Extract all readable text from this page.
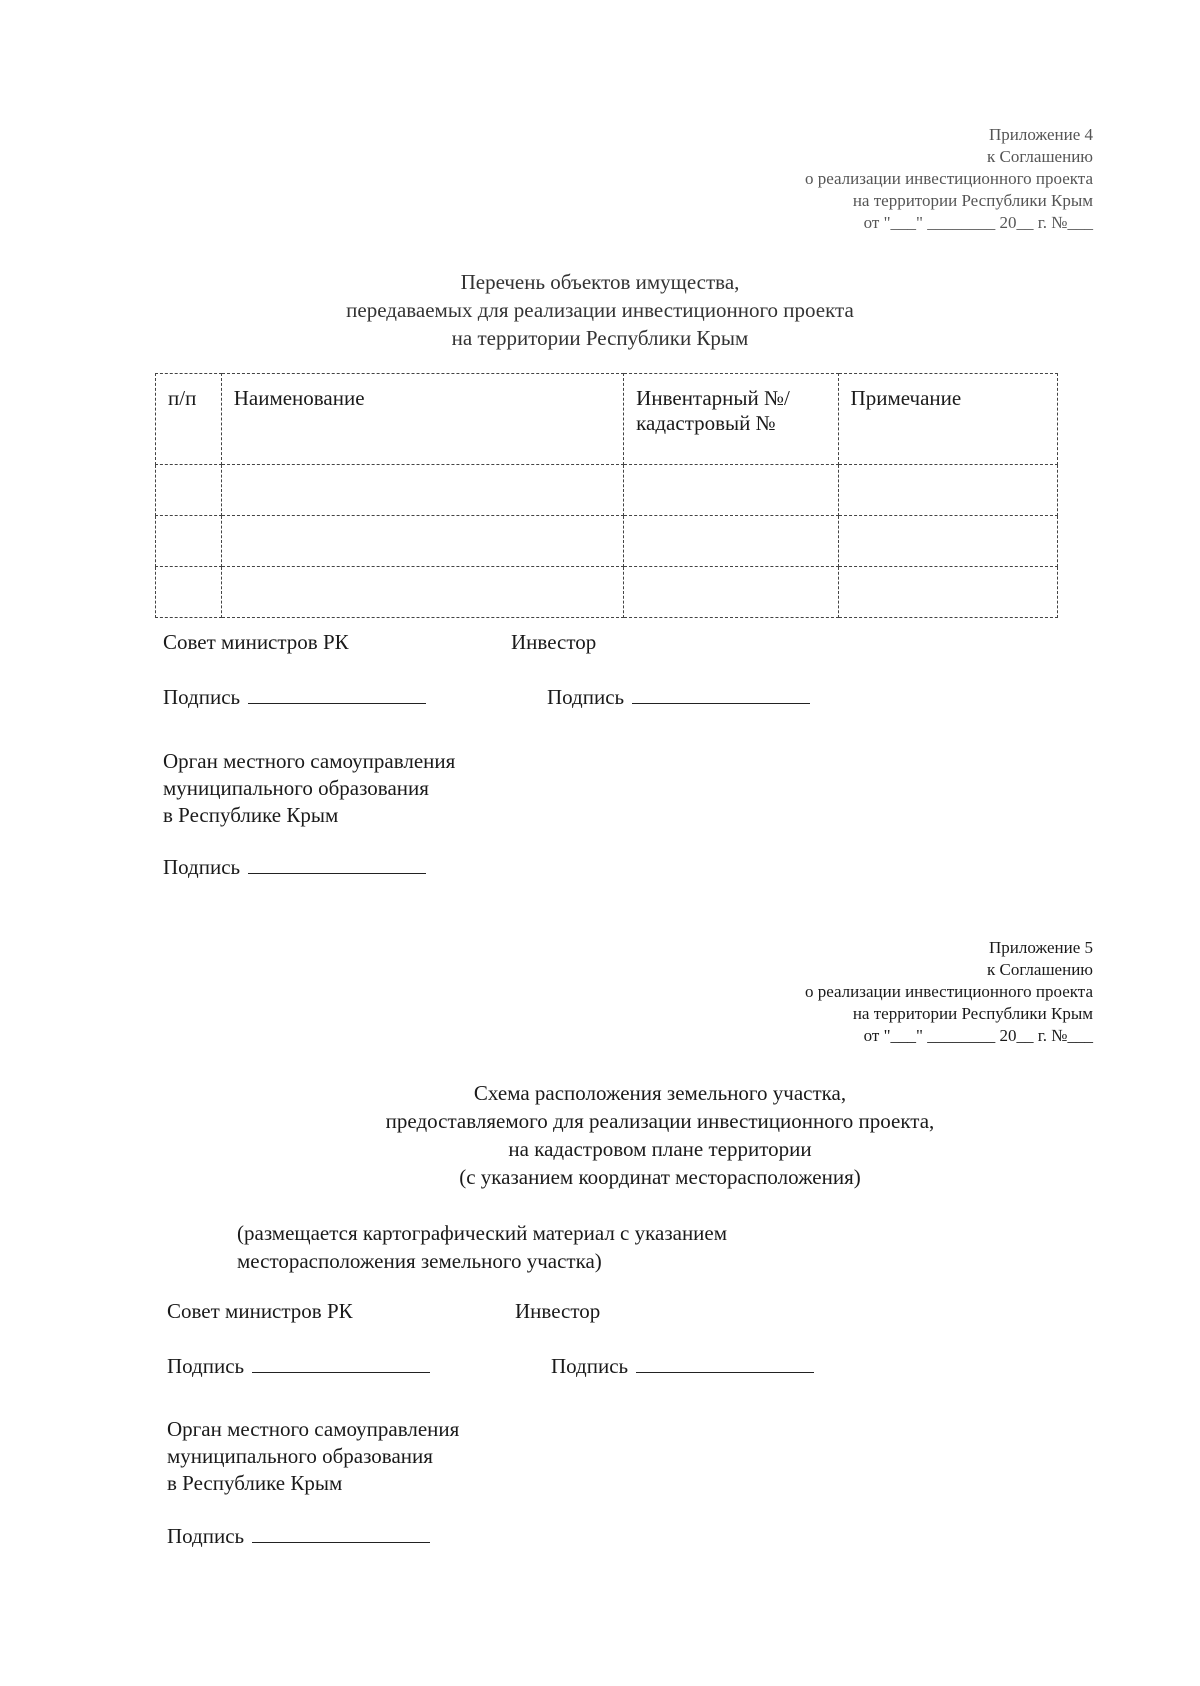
Приложение 4
к Соглашению
о реализации инвестиционного проекта
на территории Республики Крым
от "___" ________ 20__ г. №___
Перечень объектов имущества,
передаваемых для реализации инвестиционного проекта
на территории Республики Крым
п/п	Наименование	Инвентарный №/кадастровый №	Примечание

Совет министров РК	Инвестор
Подпись	Подпись
Орган местного самоуправления
муниципального образования
в Республике Крым
Подпись
Приложение 5
к Соглашению
о реализации инвестиционного проекта
на территории Республики Крым
от "___" ________ 20__ г. №___
Схема расположения земельного участка,
предоставляемого для реализации инвестиционного проекта,
на кадастровом плане территории
(с указанием координат месторасположения)
(размещается картографический материал с указанием
месторасположения земельного участка)
Совет министров РК	Инвестор
Подпись	Подпись
Орган местного самоуправления
муниципального образования
в Республике Крым
Подпись
